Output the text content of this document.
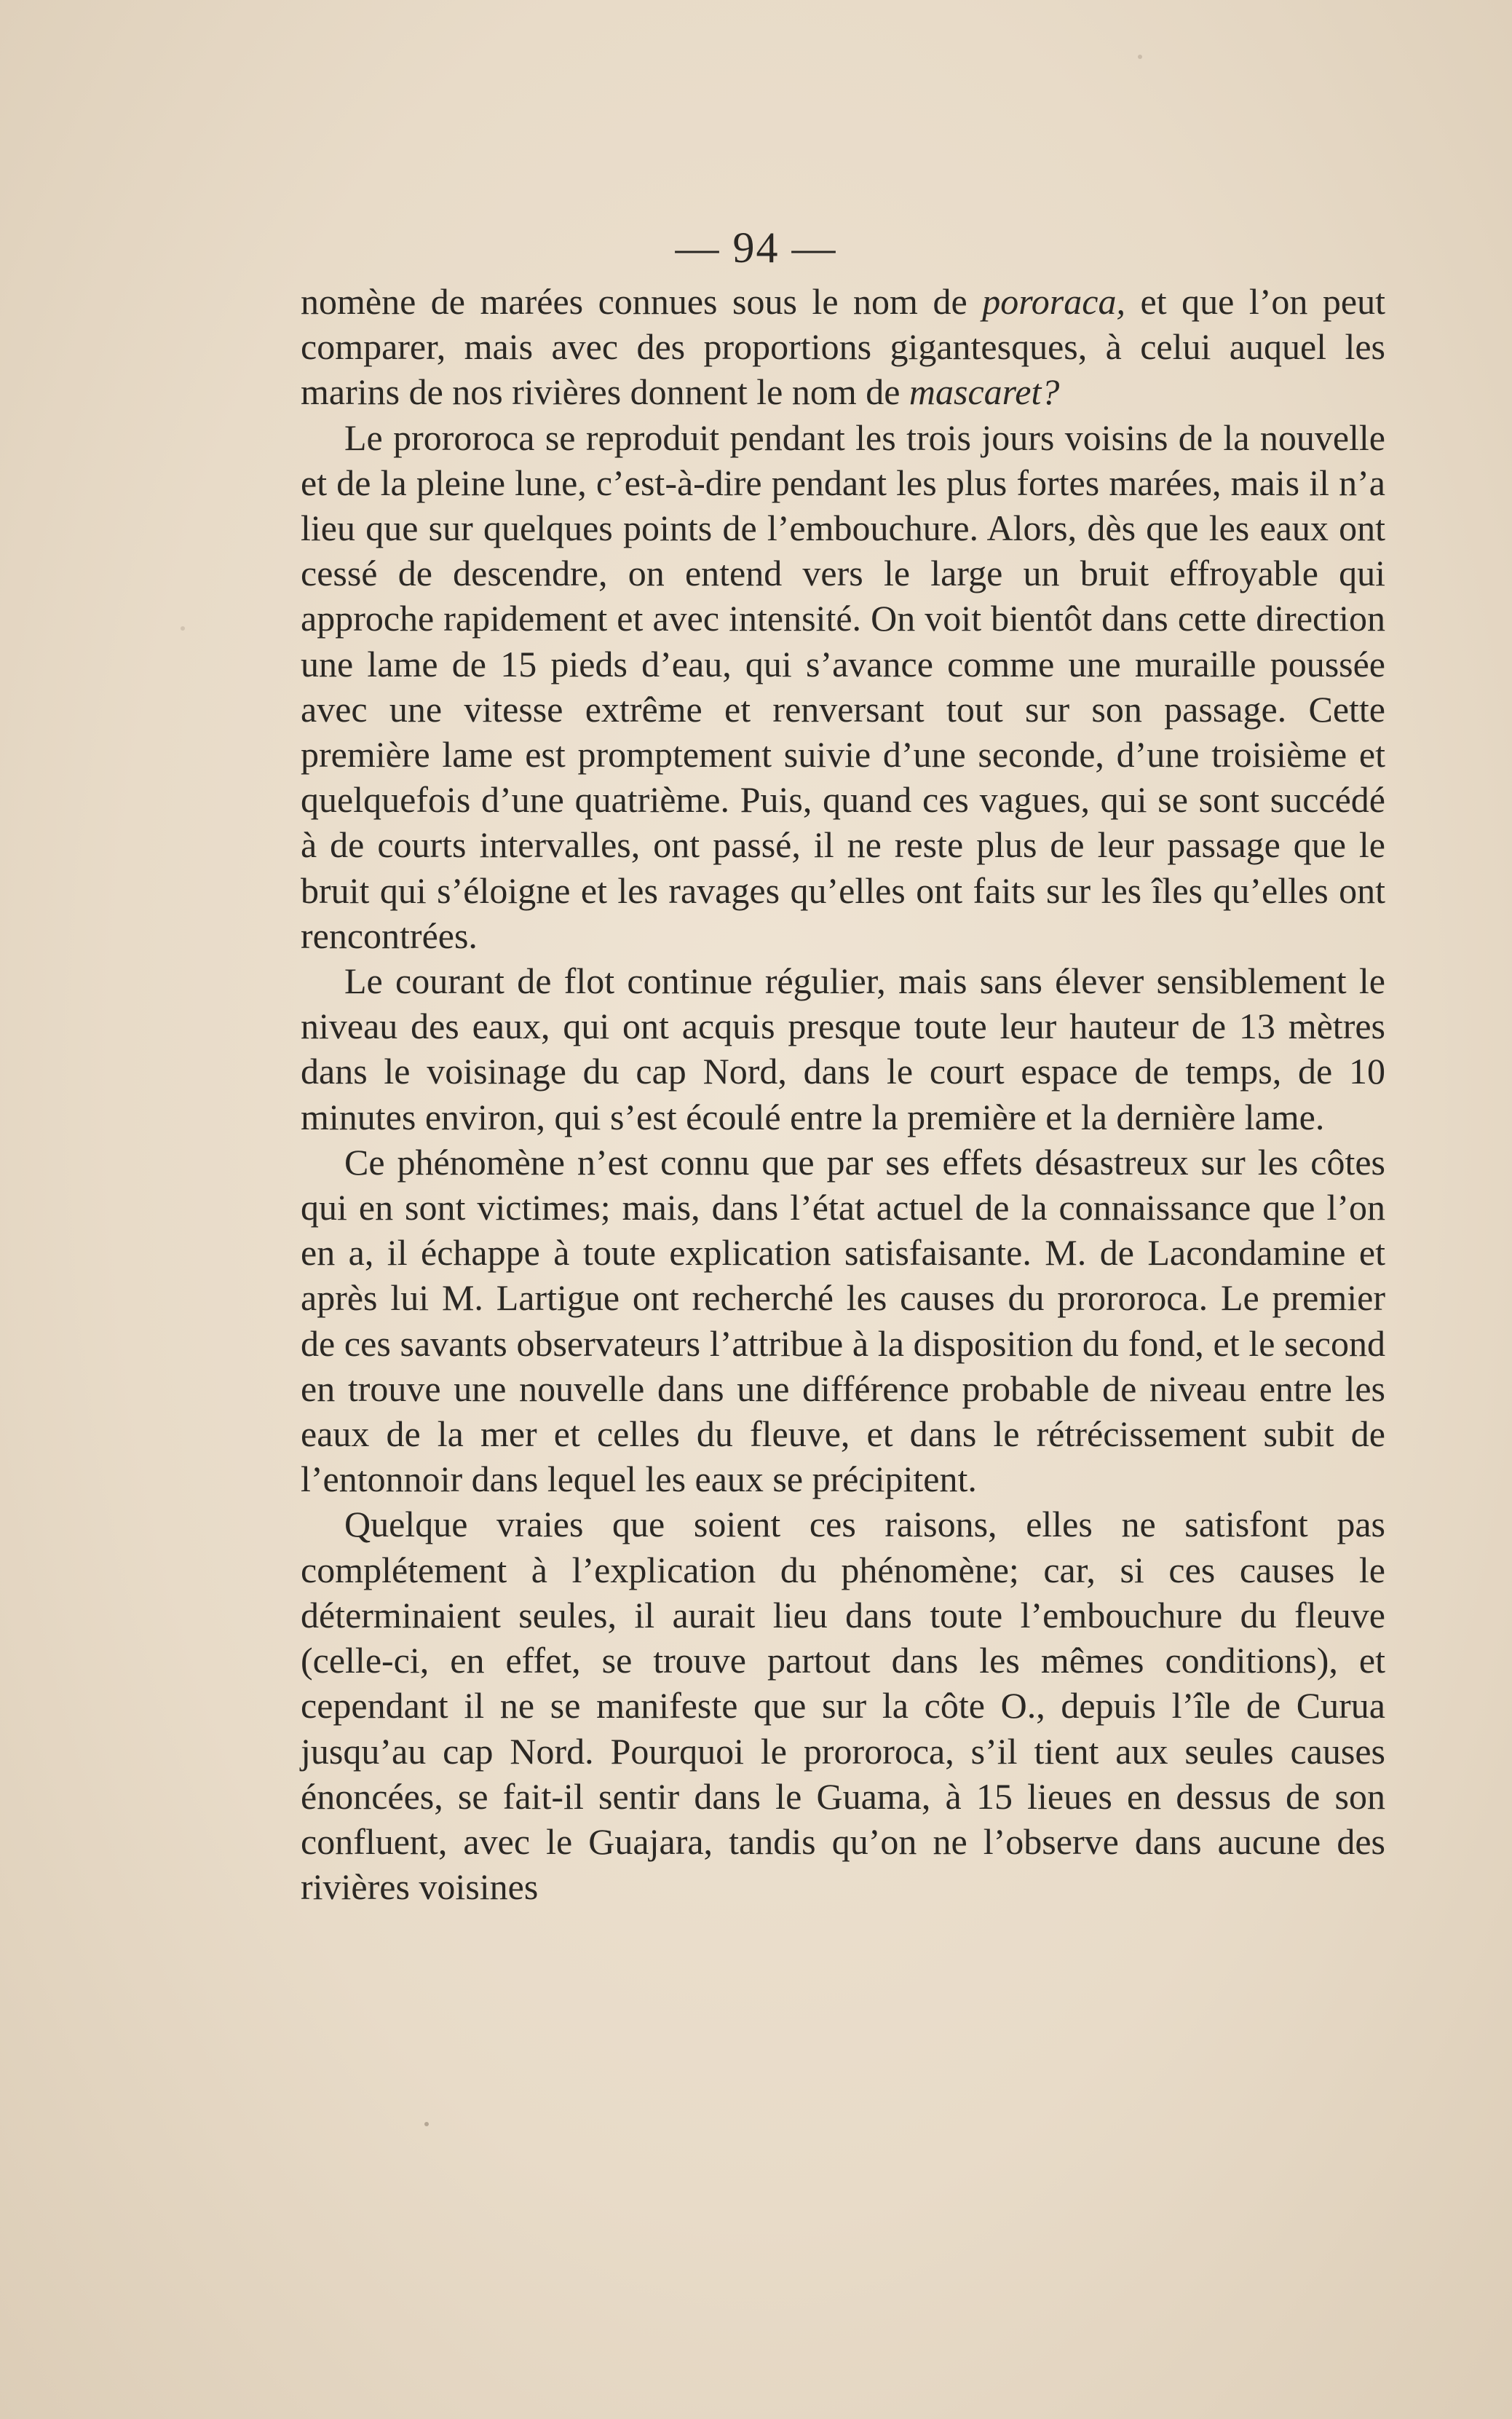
— 94 —

nomène de marées connues sous le nom de pororaca, et que l’on peut comparer, mais avec des proportions gigantesques, à celui auquel les marins de nos rivières donnent le nom de mascaret?

Le prororoca se reproduit pendant les trois jours voisins de la nouvelle et de la pleine lune, c’est-à-dire pendant les plus fortes marées, mais il n’a lieu que sur quelques points de l’embouchure. Alors, dès que les eaux ont cessé de descendre, on entend vers le large un bruit effroyable qui approche rapidement et avec intensité. On voit bientôt dans cette direction une lame de 15 pieds d’eau, qui s’avance comme une muraille poussée avec une vitesse extrême et renversant tout sur son passage. Cette première lame est promptement suivie d’une seconde, d’une troisième et quelquefois d’une quatrième. Puis, quand ces vagues, qui se sont succédé à de courts intervalles, ont passé, il ne reste plus de leur passage que le bruit qui s’éloigne et les ravages qu’elles ont faits sur les îles qu’elles ont rencontrées.

Le courant de flot continue régulier, mais sans élever sensiblement le niveau des eaux, qui ont acquis presque toute leur hauteur de 13 mètres dans le voisinage du cap Nord, dans le court espace de temps, de 10 minutes environ, qui s’est écoulé entre la première et la dernière lame.

Ce phénomène n’est connu que par ses effets désastreux sur les côtes qui en sont victimes; mais, dans l’état actuel de la connaissance que l’on en a, il échappe à toute explication satisfaisante. M. de Lacondamine et après lui M. Lartigue ont recherché les causes du prororoca. Le premier de ces savants observateurs l’attribue à la disposition du fond, et le second en trouve une nouvelle dans une différence probable de niveau entre les eaux de la mer et celles du fleuve, et dans le rétrécissement subit de l’entonnoir dans lequel les eaux se précipitent.

Quelque vraies que soient ces raisons, elles ne satisfont pas complétement à l’explication du phénomène; car, si ces causes le déterminaient seules, il aurait lieu dans toute l’embouchure du fleuve (celle-ci, en effet, se trouve partout dans les mêmes conditions), et cependant il ne se manifeste que sur la côte O., depuis l’île de Curua jusqu’au cap Nord. Pourquoi le prororoca, s’il tient aux seules causes énoncées, se fait-il sentir dans le Guama, à 15 lieues en dessus de son confluent, avec le Guajara, tandis qu’on ne l’observe dans aucune des rivières voisines
